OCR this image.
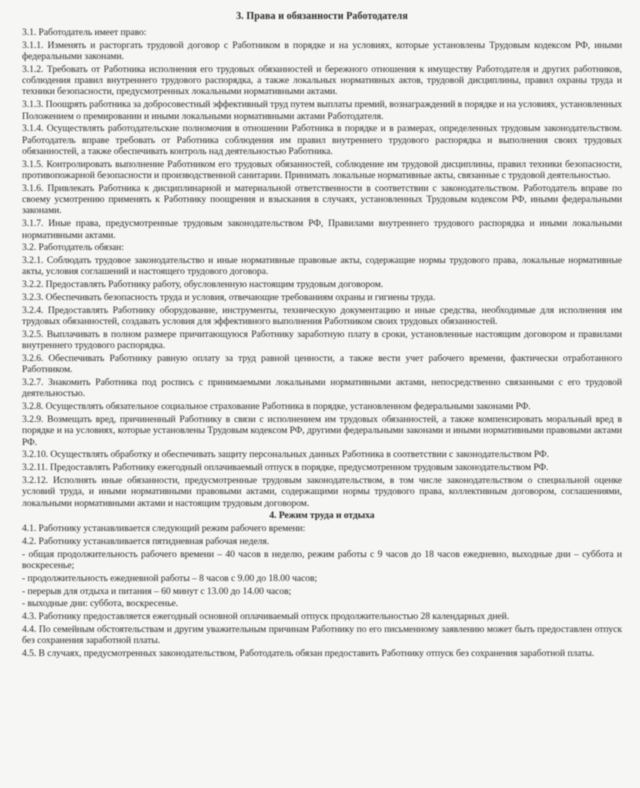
3. Права и обязанности Работодателя
3.1. Работодатель имеет право:
3.1.1. Изменять и расторгать трудовой договор с Работником в порядке и на условиях, которые установлены Трудовым кодексом РФ, иными федеральными законами.
3.1.2. Требовать от Работника исполнения его трудовых обязанностей и бережного отношения к имуществу Работодателя и других работников, соблюдения правил внутреннего трудового распорядка, а также локальных нормативных актов, трудовой дисциплины, правил охраны труда и техники безопасности, предусмотренных локальными нормативными актами.
3.1.3. Поощрять работника за добросовестный эффективный труд путем выплаты премий, вознаграждений в порядке и на условиях, установленных Положением о премировании и иными локальными нормативными актами Работодателя.
3.1.4. Осуществлять работодательские полномочия в отношении Работника в порядке и в размерах, определенных трудовым законодательством. Работодатель вправе требовать от Работника соблюдения им правил внутреннего трудового распорядка и выполнения своих трудовых обязанностей, а также обеспечивать контроль над деятельностью Работника.
3.1.5. Контролировать выполнение Работником его трудовых обязанностей, соблюдение им трудовой дисциплины, правил техники безопасности, противопожарной безопасности и производственной санитарии. Принимать локальные нормативные акты, связанные с трудовой деятельностью.
3.1.6. Привлекать Работника к дисциплинарной и материальной ответственности в соответствии с законодательством. Работодатель вправе по своему усмотрению применять к Работнику поощрения и взыскания в случаях, установленных Трудовым кодексом РФ, иными федеральными законами.
3.1.7. Иные права, предусмотренные трудовым законодательством РФ, Правилами внутреннего трудового распорядка и иными локальными нормативными актами.
3.2. Работодатель обязан:
3.2.1. Соблюдать трудовое законодательство и иные нормативные правовые акты, содержащие нормы трудового права, локальные нормативные акты, условия соглашений и настоящего трудового договора.
3.2.2. Предоставлять Работнику работу, обусловленную настоящим трудовым договором.
3.2.3. Обеспечивать безопасность труда и условия, отвечающие требованиям охраны и гигиены труда.
3.2.4. Предоставлять Работнику оборудование, инструменты, техническую документацию и иные средства, необходимые для исполнения им трудовых обязанностей, создавать условия для эффективного выполнения Работником своих трудовых обязанностей.
3.2.5. Выплачивать в полном размере причитающуюся Работнику заработную плату в сроки, установленные настоящим договором и правилами внутреннего трудового распорядка.
3.2.6. Обеспечивать Работнику равную оплату за труд равной ценности, а также вести учет рабочего времени, фактически отработанного Работником.
3.2.7. Знакомить Работника под роспись с принимаемыми локальными нормативными актами, непосредственно связанными с его трудовой деятельностью.
3.2.8. Осуществлять обязательное социальное страхование Работника в порядке, установленном федеральными законами РФ.
3.2.9. Возмещать вред, причиненный Работнику в связи с исполнением им трудовых обязанностей, а также компенсировать моральный вред в порядке и на условиях, которые установлены Трудовым кодексом РФ, другими федеральными законами и иными нормативными правовыми актами РФ.
3.2.10. Осуществлять обработку и обеспечивать защиту персональных данных Работника в соответствии с законодательством РФ.
3.2.11. Предоставлять Работнику ежегодный оплачиваемый отпуск в порядке, предусмотренном трудовым законодательством РФ.
3.2.12. Исполнять иные обязанности, предусмотренные трудовым законодательством, в том числе законодательством о специальной оценке условий труда, и иными нормативными правовыми актами, содержащими нормы трудового права, коллективным договором, соглашениями, локальными нормативными актами и настоящим трудовым договором.
4. Режим труда и отдыха
4.1. Работнику устанавливается следующий режим рабочего времени:
4.2. Работнику устанавливается пятидневная рабочая неделя.
- общая продолжительность рабочего времени – 40 часов в неделю, режим работы с 9 часов до 18 часов ежедневно, выходные дни – суббота и воскресенье;
- продолжительность ежедневной работы – 8 часов с 9.00 до 18.00 часов;
- перерыв для отдыха и питания – 60 минут с 13.00 до 14.00 часов;
- выходные дни: суббота, воскресенье.
4.3. Работнику предоставляется ежегодный основной оплачиваемый отпуск продолжительностью 28 календарных дней.
4.4. По семейным обстоятельствам и другим уважительным причинам Работнику по его письменному заявлению может быть предоставлен отпуск без сохранения заработной платы.
4.5. В случаях, предусмотренных законодательством, Работодатель обязан предоставить Работнику отпуск без сохранения заработной платы.
